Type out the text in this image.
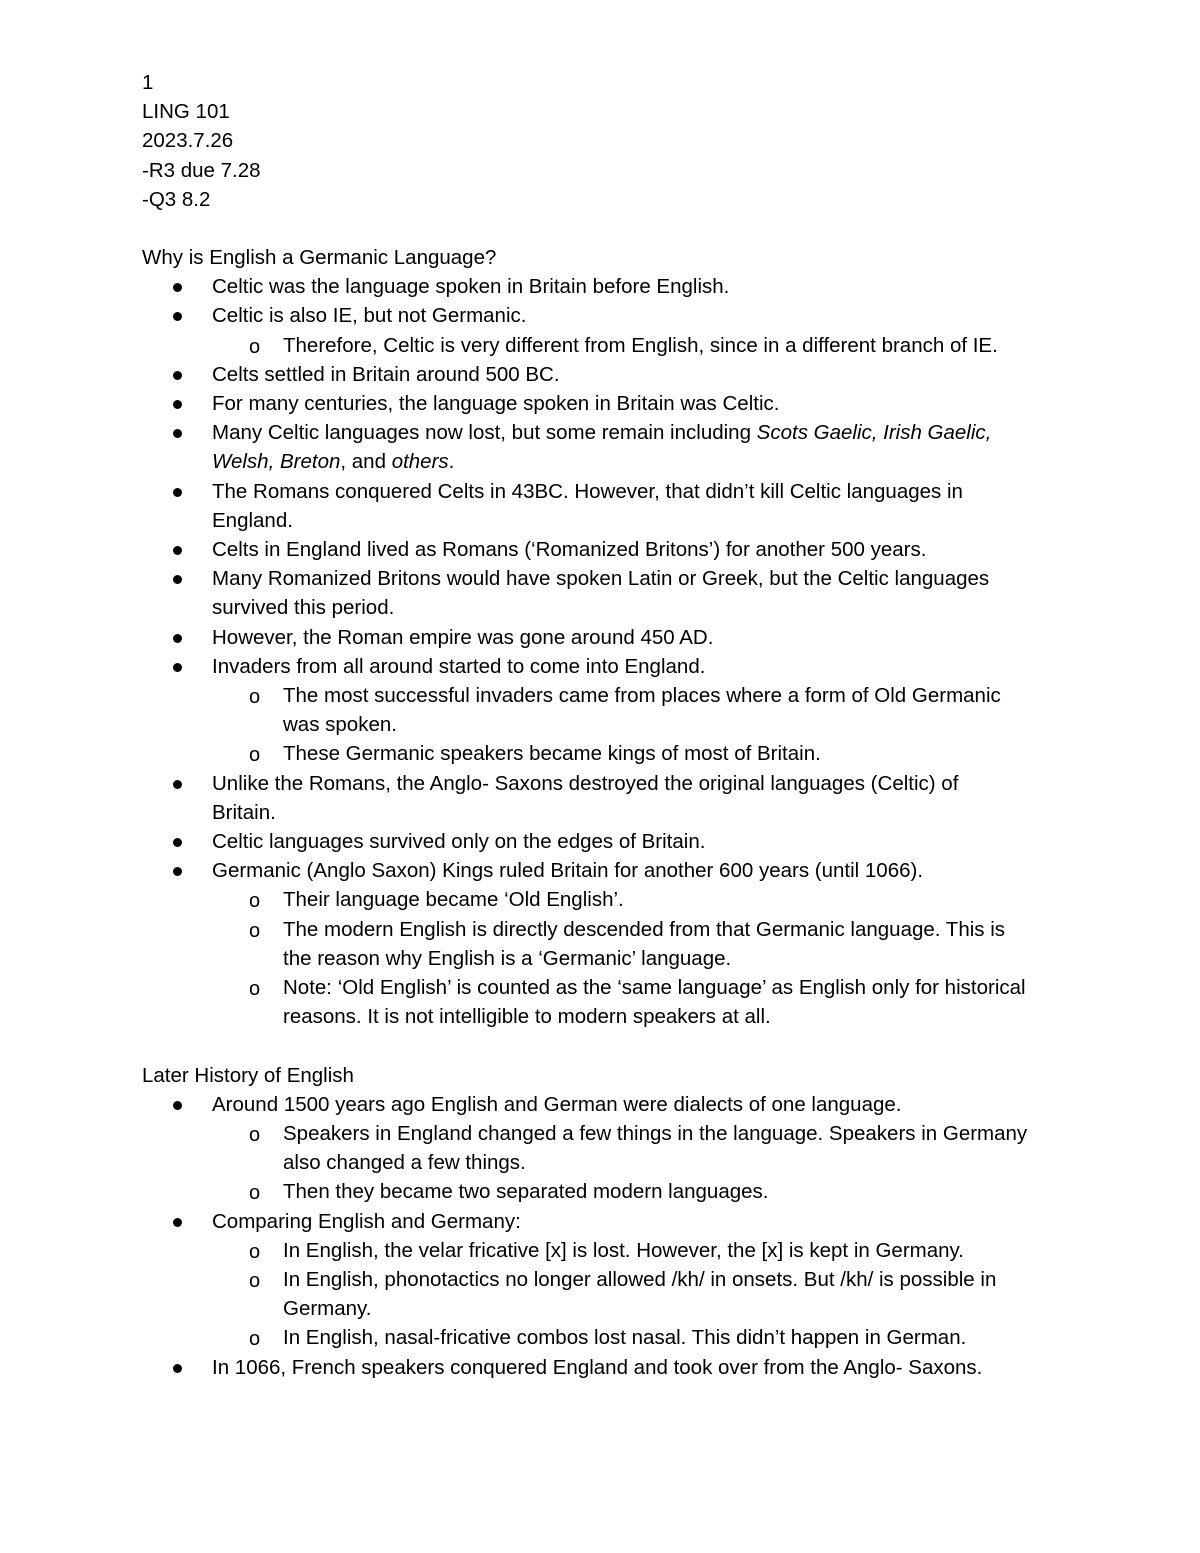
1
LING 101
2023.7.26
-R3 due 7.28
-Q3 8.2
Why is English a Germanic Language?
Celtic was the language spoken in Britain before English.
Celtic is also IE, but not Germanic.
o Therefore, Celtic is very different from English, since in a different branch of IE.
Celts settled in Britain around 500 BC.
For many centuries, the language spoken in Britain was Celtic.
Many Celtic languages now lost, but some remain including Scots Gaelic, Irish Gaelic,
Welsh, Breton, and others.
The Romans conquered Celts in 43BC. However, that didn’t kill Celtic languages in
England.
Celts in England lived as Romans (‘Romanized Britons’) for another 500 years.
Many Romanized Britons would have spoken Latin or Greek, but the Celtic languages
survived this period.
However, the Roman empire was gone around 450 AD.
Invaders from all around started to come into England.
o The most successful invaders came from places where a form of Old Germanic
was spoken.
o These Germanic speakers became kings of most of Britain.
Unlike the Romans, the Anglo- Saxons destroyed the original languages (Celtic) of
Britain.
Celtic languages survived only on the edges of Britain.
Germanic (Anglo Saxon) Kings ruled Britain for another 600 years (until 1066).
o Their language became ‘Old English’.
o The modern English is directly descended from that Germanic language. This is
the reason why English is a ‘Germanic’ language.
o Note: ‘Old English’ is counted as the ‘same language’ as English only for historical
reasons. It is not intelligible to modern speakers at all.
Later History of English
Around 1500 years ago English and German were dialects of one language.
o Speakers in England changed a few things in the language. Speakers in Germany
also changed a few things.
o Then they became two separated modern languages.
Comparing English and Germany:
o In English, the velar fricative [x] is lost. However, the [x] is kept in Germany.
o In English, phonotactics no longer allowed /kh/ in onsets. But /kh/ is possible in
Germany.
o In English, nasal-fricative combos lost nasal. This didn’t happen in German.
In 1066, French speakers conquered England and took over from the Anglo- Saxons.
